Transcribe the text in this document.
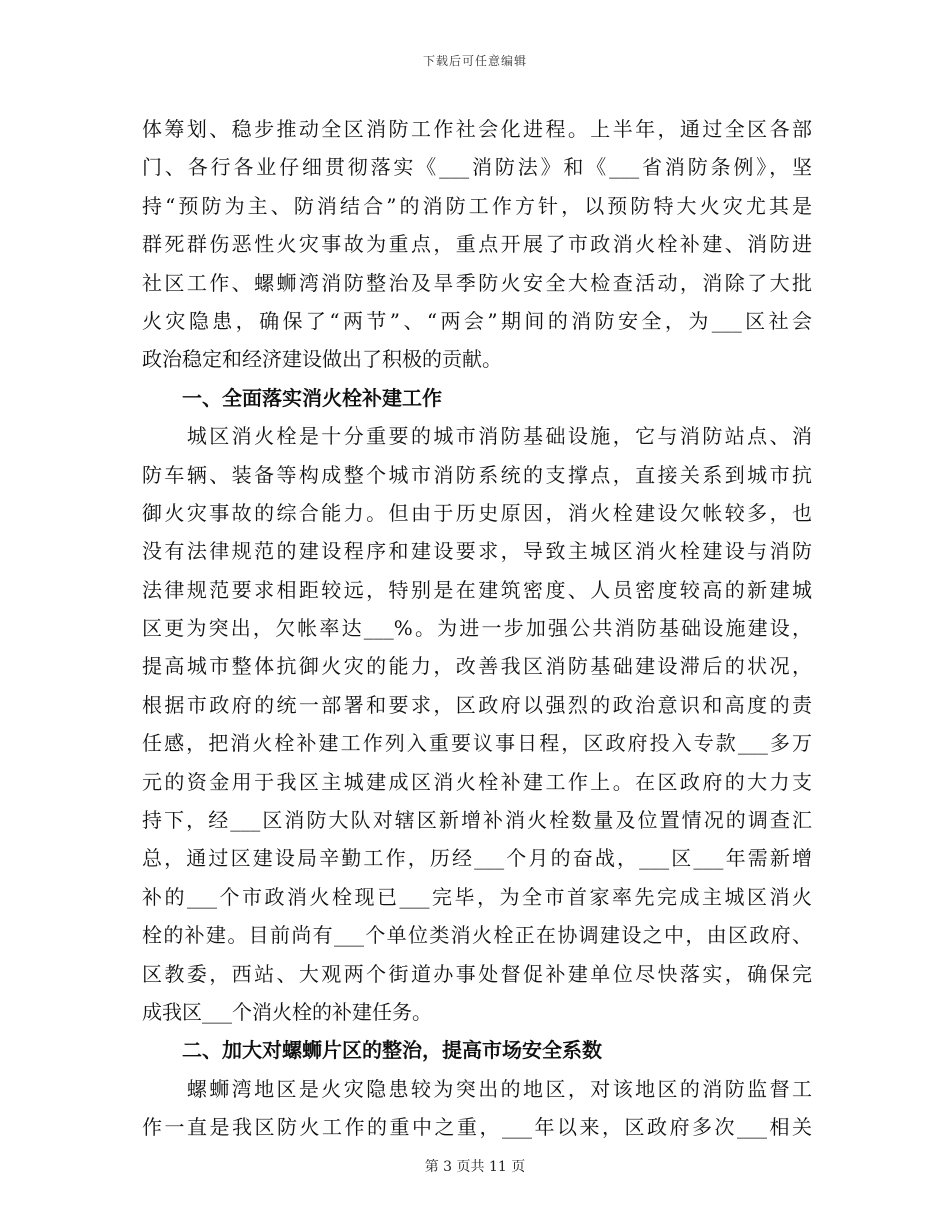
下载后可任意编辑
体筹划、稳步推动全区消防工作社会化进程。上半年，通过全区各部
门、各行各业仔细贯彻落实《___消防法》和《___省消防条例》，坚
持“预防为主、防消结合”的消防工作方针，以预防特大火灾尤其是
群死群伤恶性火灾事故为重点，重点开展了市政消火栓补建、消防进
社区工作、螺蛳湾消防整治及旱季防火安全大检查活动，消除了大批
火灾隐患，确保了“两节”、“两会”期间的消防安全，为___区社会
政治稳定和经济建设做出了积极的贡献。
一、全面落实消火栓补建工作
　　城区消火栓是十分重要的城市消防基础设施，它与消防站点、消
防车辆、装备等构成整个城市消防系统的支撑点，直接关系到城市抗
御火灾事故的综合能力。但由于历史原因，消火栓建设欠帐较多，也
没有法律规范的建设程序和建设要求，导致主城区消火栓建设与消防
法律规范要求相距较远，特别是在建筑密度、人员密度较高的新建城
区更为突出，欠帐率达___%。为进一步加强公共消防基础设施建设，
提高城市整体抗御火灾的能力，改善我区消防基础建设滞后的状况，
根据市政府的统一部署和要求，区政府以强烈的政治意识和高度的责
任感，把消火栓补建工作列入重要议事日程，区政府投入专款___多万
元的资金用于我区主城建成区消火栓补建工作上。在区政府的大力支
持下，经___区消防大队对辖区新增补消火栓数量及位置情况的调查汇
总，通过区建设局辛勤工作，历经___个月的奋战，___区___年需新增
补的___个市政消火栓现已___完毕，为全市首家率先完成主城区消火
栓的补建。目前尚有___个单位类消火栓正在协调建设之中，由区政府、
区教委，西站、大观两个街道办事处督促补建单位尽快落实，确保完
成我区___个消火栓的补建任务。
二、加大对螺蛳片区的整治，提高市场安全系数
　　螺蛳湾地区是火灾隐患较为突出的地区，对该地区的消防监督工
作一直是我区防火工作的重中之重，___年以来，区政府多次___相关
第 3 页共 11 页
